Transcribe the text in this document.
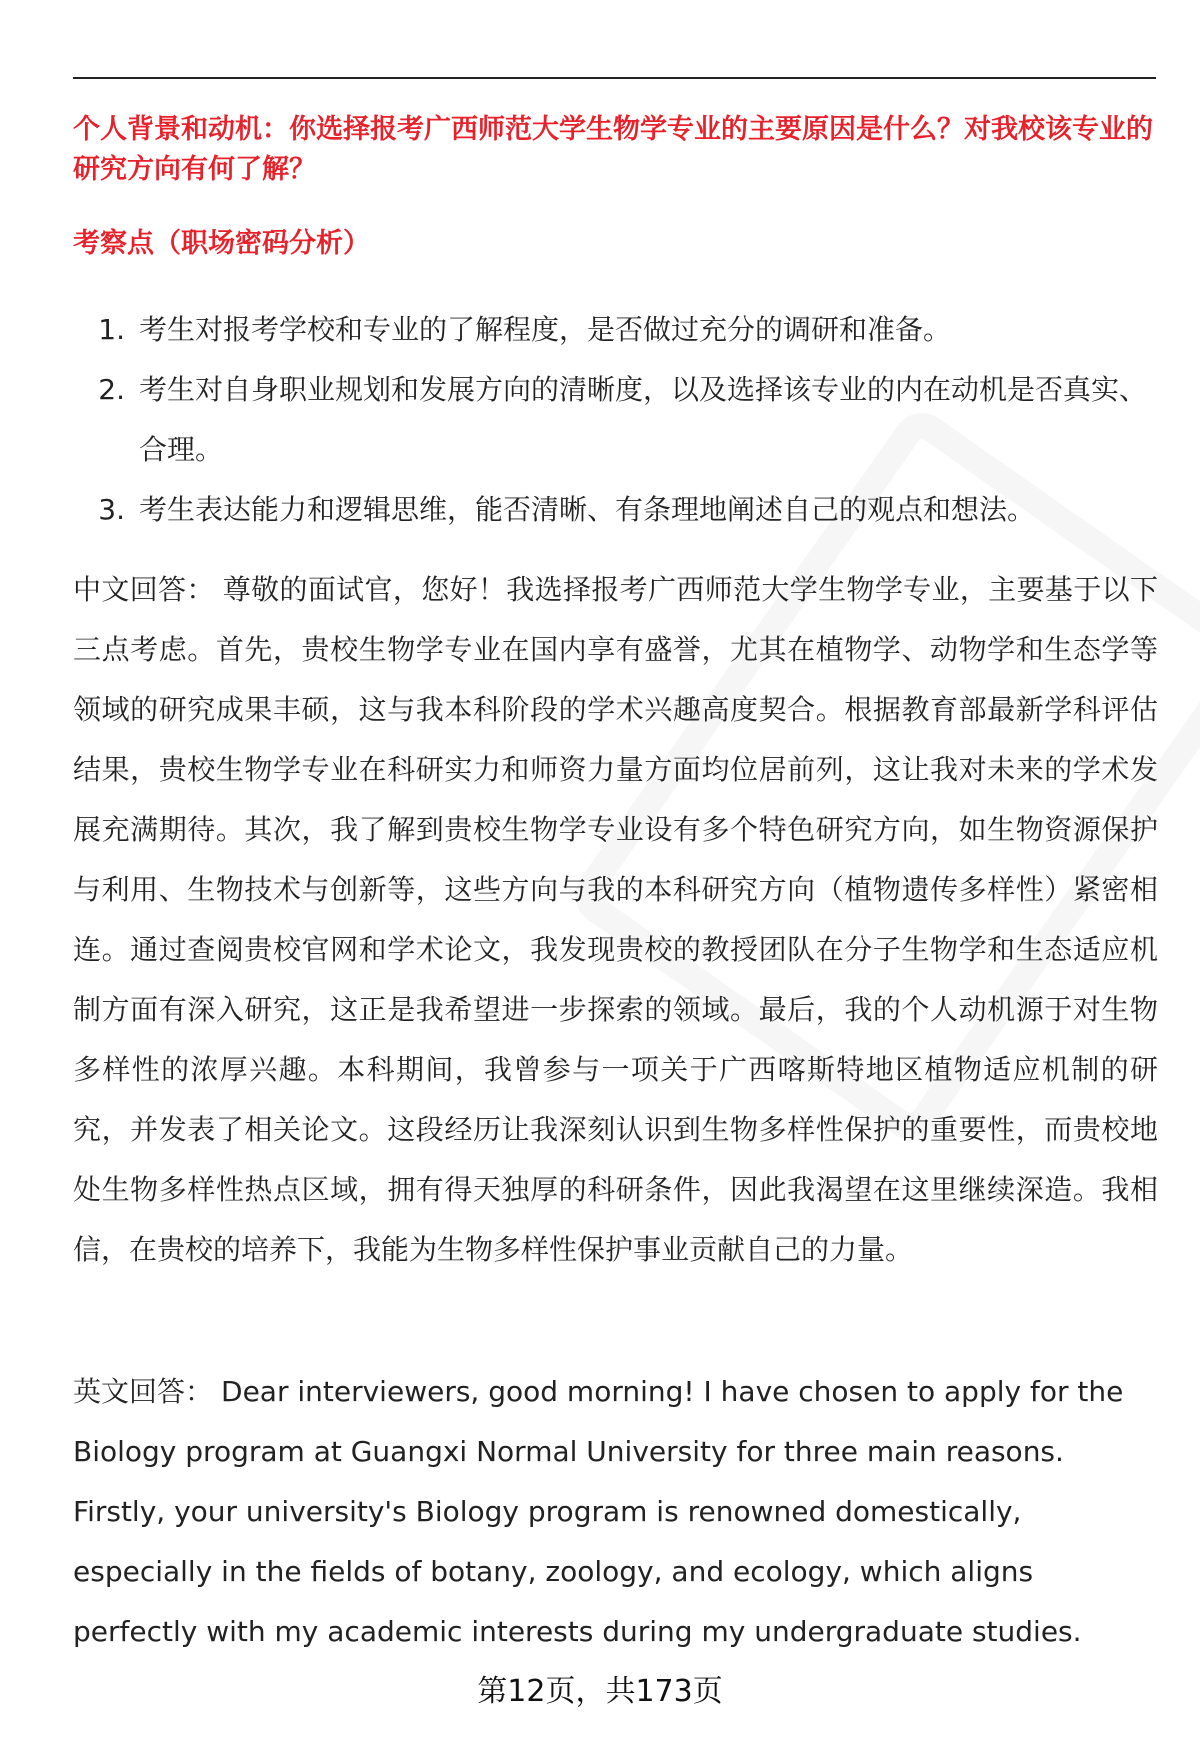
个人背景和动机：你选择报考广西师范大学生物学专业的主要原因是什么？对我校该专业的研究方向有何了解？
考察点（职场密码分析）
1. 考生对报考学校和专业的了解程度，是否做过充分的调研和准备。
2. 考生对自身职业规划和发展方向的清晰度，以及选择该专业的内在动机是否真实、合理。
3. 考生表达能力和逻辑思维，能否清晰、有条理地阐述自己的观点和想法。
中文回答： 尊敬的面试官，您好！我选择报考广西师范大学生物学专业，主要基于以下三点考虑。首先，贵校生物学专业在国内享有盛誉，尤其在植物学、动物学和生态学等领域的研究成果丰硕，这与我本科阶段的学术兴趣高度契合。根据教育部最新学科评估结果，贵校生物学专业在科研实力和师资力量方面均位居前列，这让我对未来的学术发展充满期待。其次，我了解到贵校生物学专业设有多个特色研究方向，如生物资源保护与利用、生物技术与创新等，这些方向与我的本科研究方向（植物遗传多样性）紧密相连。通过查阅贵校官网和学术论文，我发现贵校的教授团队在分子生物学和生态适应机制方面有深入研究，这正是我希望进一步探索的领域。最后，我的个人动机源于对生物多样性的浓厚兴趣。本科期间，我曾参与一项关于广西喀斯特地区植物适应机制的研究，并发表了相关论文。这段经历让我深刻认识到生物多样性保护的重要性，而贵校地处生物多样性热点区域，拥有得天独厚的科研条件，因此我渴望在这里继续深造。我相信，在贵校的培养下，我能为生物多样性保护事业贡献自己的力量。
英文回答： Dear interviewers, good morning! I have chosen to apply for the
Biology program at Guangxi Normal University for three main reasons.
Firstly, your university's Biology program is renowned domestically,
especially in the fields of botany, zoology, and ecology, which aligns
perfectly with my academic interests during my undergraduate studies.
第12页，共173页
